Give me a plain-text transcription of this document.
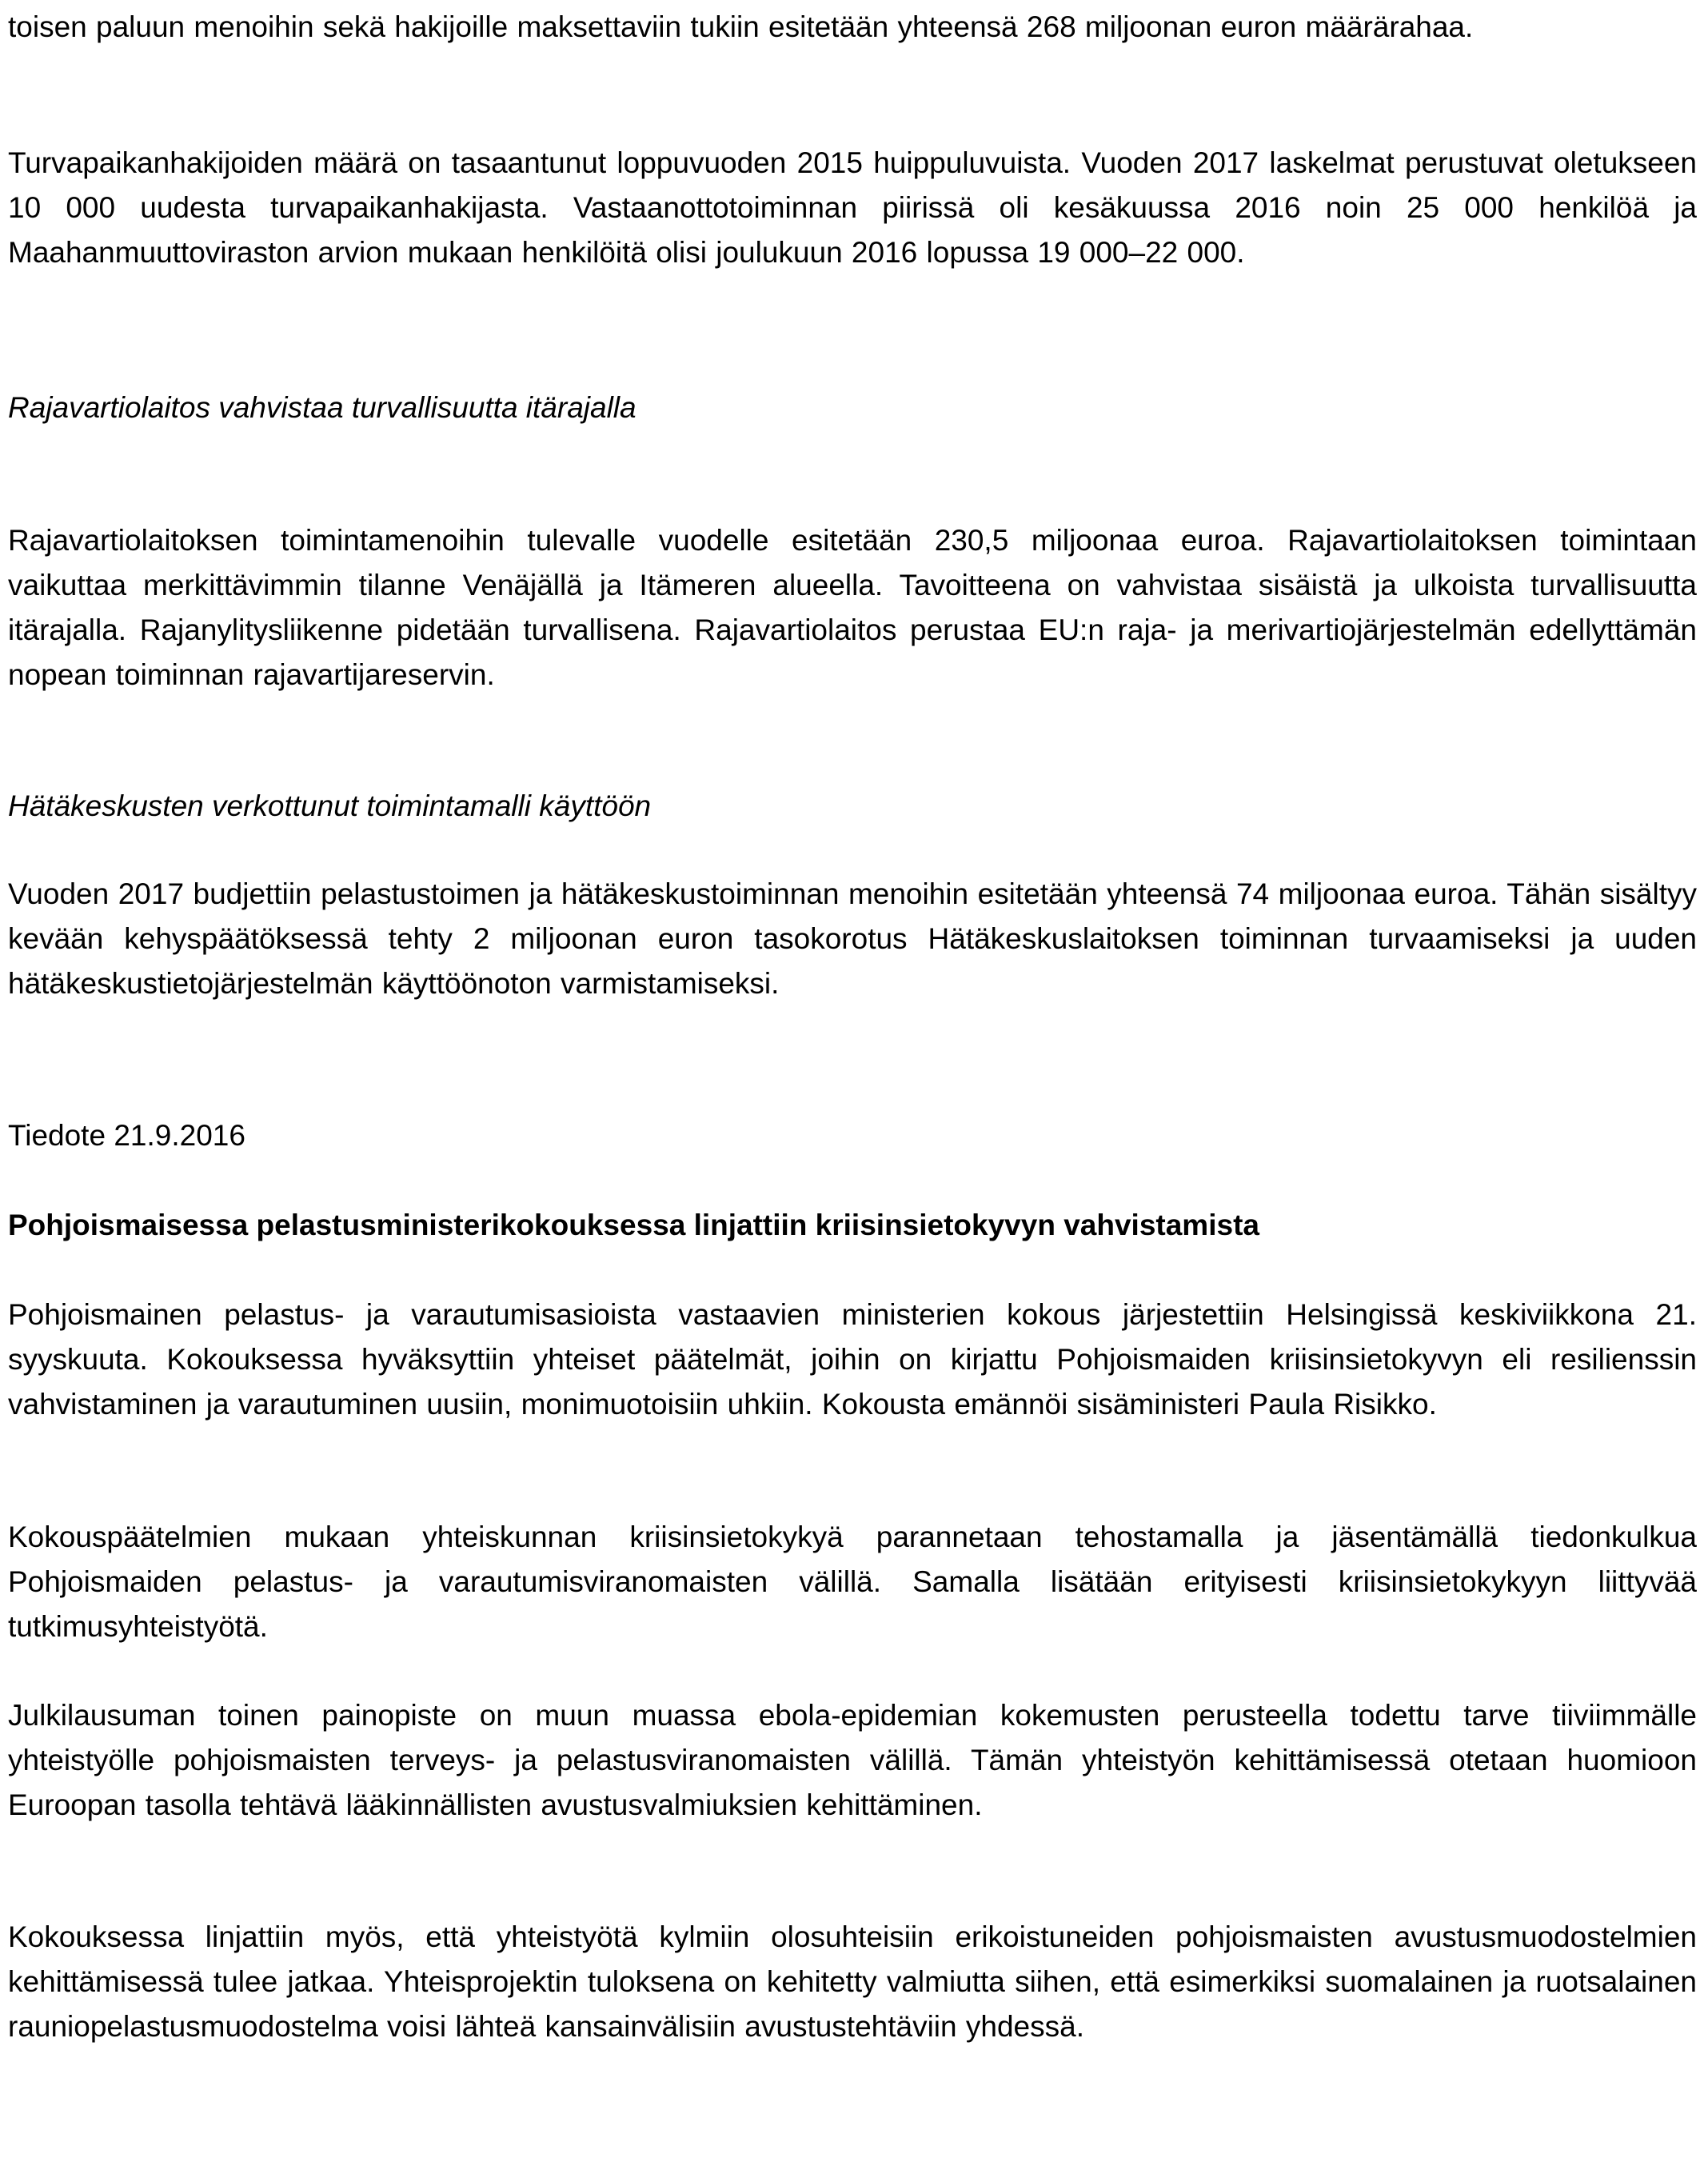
toisen paluun menoihin sekä hakijoille maksettaviin tukiin esitetään yhteensä 268 miljoonan euron määrärahaa.

Turvapaikanhakijoiden määrä on tasaantunut loppuvuoden 2015 huippuluvuista. Vuoden 2017 laskelmat perustuvat oletukseen 10 000 uudesta turvapaikanhakijasta. Vastaanottotoiminnan piirissä oli kesäkuussa 2016 noin 25 000 henkilöä ja Maahanmuuttoviraston arvion mukaan henkilöitä olisi joulukuun 2016 lopussa 19 000–22 000.

Rajavartiolaitos vahvistaa turvallisuutta itärajalla

Rajavartiolaitoksen toimintamenoihin tulevalle vuodelle esitetään 230,5 miljoonaa euroa. Rajavartiolaitoksen toimintaan vaikuttaa merkittävimmin tilanne Venäjällä ja Itämeren alueella. Tavoitteena on vahvistaa sisäistä ja ulkoista turvallisuutta itärajalla. Rajanylitysliikenne pidetään turvallisena. Rajavartiolaitos perustaa EU:n raja- ja merivartiojärjestelmän edellyttämän nopean toiminnan rajavartijareservin.

Hätäkeskusten verkottunut toimintamalli käyttöön

Vuoden 2017 budjettiin pelastustoimen ja hätäkeskustoiminnan menoihin esitetään yhteensä 74 miljoonaa euroa. Tähän sisältyy kevään kehyspäätöksessä tehty 2 miljoonan euron tasokorotus Hätäkeskuslaitoksen toiminnan turvaamiseksi ja uuden hätäkeskustietojärjestelmän käyttöönoton varmistamiseksi.

Tiedote 21.9.2016

Pohjoismaisessa pelastusministerikokouksessa linjattiin kriisinsietokyvyn vahvistamista

Pohjoismainen pelastus- ja varautumisasioista vastaavien ministerien kokous järjestettiin Helsingissä keskiviikkona 21. syyskuuta. Kokouksessa hyväksyttiin yhteiset päätelmät, joihin on kirjattu Pohjoismaiden kriisinsietokyvyn eli resilienssin vahvistaminen ja varautuminen uusiin, monimuotoisiin uhkiin. Kokousta emännöi sisäministeri Paula Risikko.

Kokouspäätelmien mukaan yhteiskunnan kriisinsietokykyä parannetaan tehostamalla ja jäsentämällä tiedonkulkua Pohjoismaiden pelastus- ja varautumisviranomaisten välillä. Samalla lisätään erityisesti kriisinsietokykyyn liittyvää tutkimusyhteistyötä.

Julkilausuman toinen painopiste on muun muassa ebola-epidemian kokemusten perusteella todettu tarve tiiviimmälle yhteistyölle pohjoismaisten terveys- ja pelastusviranomaisten välillä. Tämän yhteistyön kehittämisessä otetaan huomioon Euroopan tasolla tehtävä lääkinnällisten avustusvalmiuksien kehittäminen.

Kokouksessa linjattiin myös, että yhteistyötä kylmiin olosuhteisiin erikoistuneiden pohjoismaisten avustusmuodostelmien kehittämisessä tulee jatkaa. Yhteisprojektin tuloksena on kehitetty valmiutta siihen, että esimerkiksi suomalainen ja ruotsalainen rauniopelastusmuodostelma voisi lähteä kansainvälisiin avustustehtäviin yhdessä.
